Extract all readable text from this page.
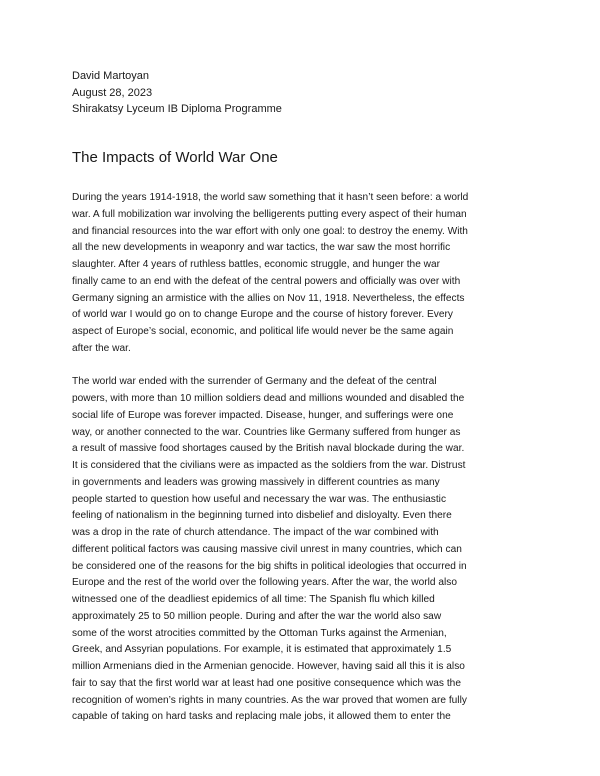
David Martoyan
August 28, 2023
Shirakatsy Lyceum IB Diploma Programme
The Impacts of World War One

During the years 1914-1918, the world saw something that it hasn’t seen before: a world
war. A full mobilization war involving the belligerents putting every aspect of their human
and financial resources into the war effort with only one goal: to destroy the enemy. With
all the new developments in weaponry and war tactics, the war saw the most horrific
slaughter. After 4 years of ruthless battles, economic struggle, and hunger the war
finally came to an end with the defeat of the central powers and officially was over with
Germany signing an armistice with the allies on Nov 11, 1918. Nevertheless, the effects
of world war I would go on to change Europe and the course of history forever. Every
aspect of Europe’s social, economic, and political life would never be the same again
after the war.

The world war ended with the surrender of Germany and the defeat of the central
powers, with more than 10 million soldiers dead and millions wounded and disabled the
social life of Europe was forever impacted. Disease, hunger, and sufferings were one
way, or another connected to the war. Countries like Germany suffered from hunger as
a result of massive food shortages caused by the British naval blockade during the war.
It is considered that the civilians were as impacted as the soldiers from the war. Distrust
in governments and leaders was growing massively in different countries as many
people started to question how useful and necessary the war was. The enthusiastic
feeling of nationalism in the beginning turned into disbelief and disloyalty. Even there
was a drop in the rate of church attendance. The impact of the war combined with
different political factors was causing massive civil unrest in many countries, which can
be considered one of the reasons for the big shifts in political ideologies that occurred in
Europe and the rest of the world over the following years. After the war, the world also
witnessed one of the deadliest epidemics of all time: The Spanish flu which killed
approximately 25 to 50 million people. During and after the war the world also saw
some of the worst atrocities committed by the Ottoman Turks against the Armenian,
Greek, and Assyrian populations. For example, it is estimated that approximately 1.5
million Armenians died in the Armenian genocide. However, having said all this it is also
fair to say that the first world war at least had one positive consequence which was the
recognition of women’s rights in many countries. As the war proved that women are fully
capable of taking on hard tasks and replacing male jobs, it allowed them to enter the
